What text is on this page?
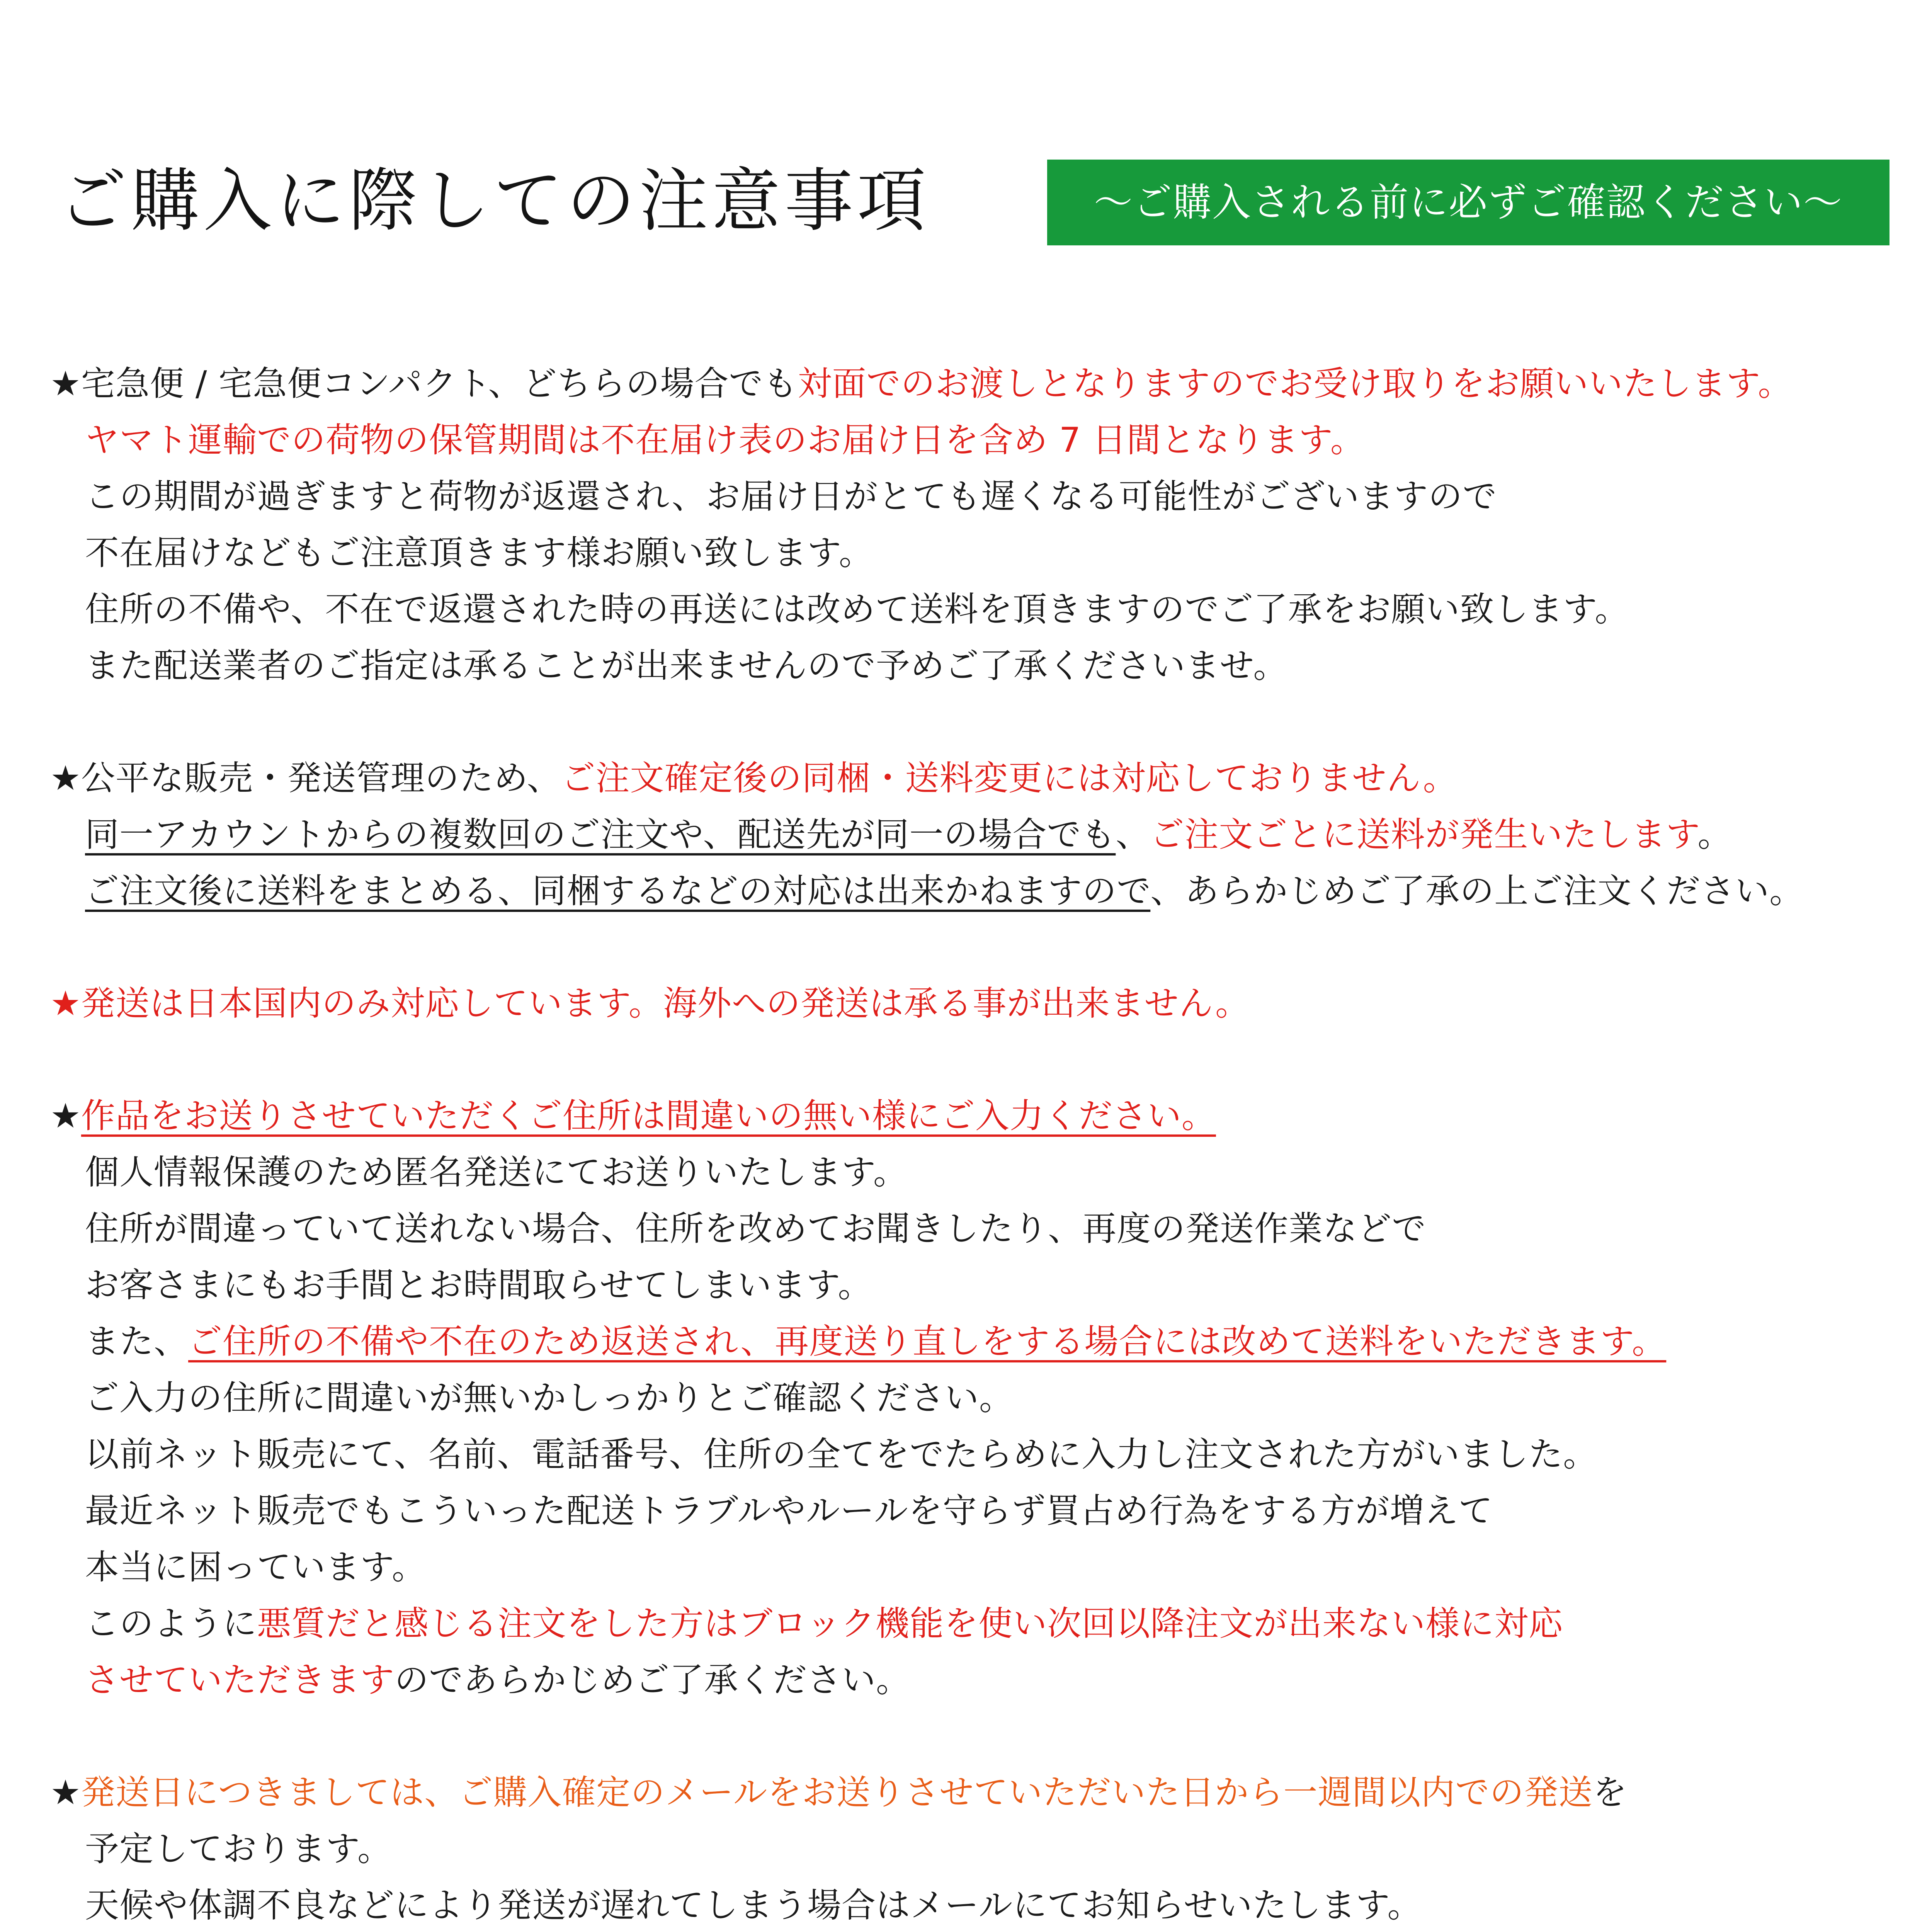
ご購入に際しての注意事項	〜ご購入される前に必ずご確認ください〜
★宅急便 / 宅急便コンパクト、どちらの場合でも対面でのお渡しとなりますのでお受け取りをお願いいたします。
ヤマト運輸での荷物の保管期間は不在届け表のお届け日を含め 7 日間となります。
この期間が過ぎますと荷物が返還され、お届け日がとても遅くなる可能性がございますので
不在届けなどもご注意頂きます様お願い致します。
住所の不備や、不在で返還された時の再送には改めて送料を頂きますのでご了承をお願い致します。
また配送業者のご指定は承ることが出来ませんので予めご了承くださいませ。
★公平な販売・発送管理のため、ご注文確定後の同梱・送料変更には対応しておりません。
同一アカウントからの複数回のご注文や、配送先が同一の場合でも、ご注文ごとに送料が発生いたします。
ご注文後に送料をまとめる、同梱するなどの対応は出来かねますので、あらかじめご了承の上ご注文ください。
★発送は日本国内のみ対応しています。海外への発送は承る事が出来ません。
★作品をお送りさせていただくご住所は間違いの無い様にご入力ください。
個人情報保護のため匿名発送にてお送りいたします。
住所が間違っていて送れない場合、住所を改めてお聞きしたり、再度の発送作業などで
お客さまにもお手間とお時間取らせてしまいます。
また、ご住所の不備や不在のため返送され、再度送り直しをする場合には改めて送料をいただきます。
ご入力の住所に間違いが無いかしっかりとご確認ください。
以前ネット販売にて、名前、電話番号、住所の全てをでたらめに入力し注文された方がいました。
最近ネット販売でもこういった配送トラブルやルールを守らず買占め行為をする方が増えて
本当に困っています。
このように悪質だと感じる注文をした方はブロック機能を使い次回以降注文が出来ない様に対応
させていただきますのであらかじめご了承ください。
★発送日につきましては、ご購入確定のメールをお送りさせていただいた日から一週間以内での発送を
予定しております。
天候や体調不良などにより発送が遅れてしまう場合はメールにてお知らせいたします。
